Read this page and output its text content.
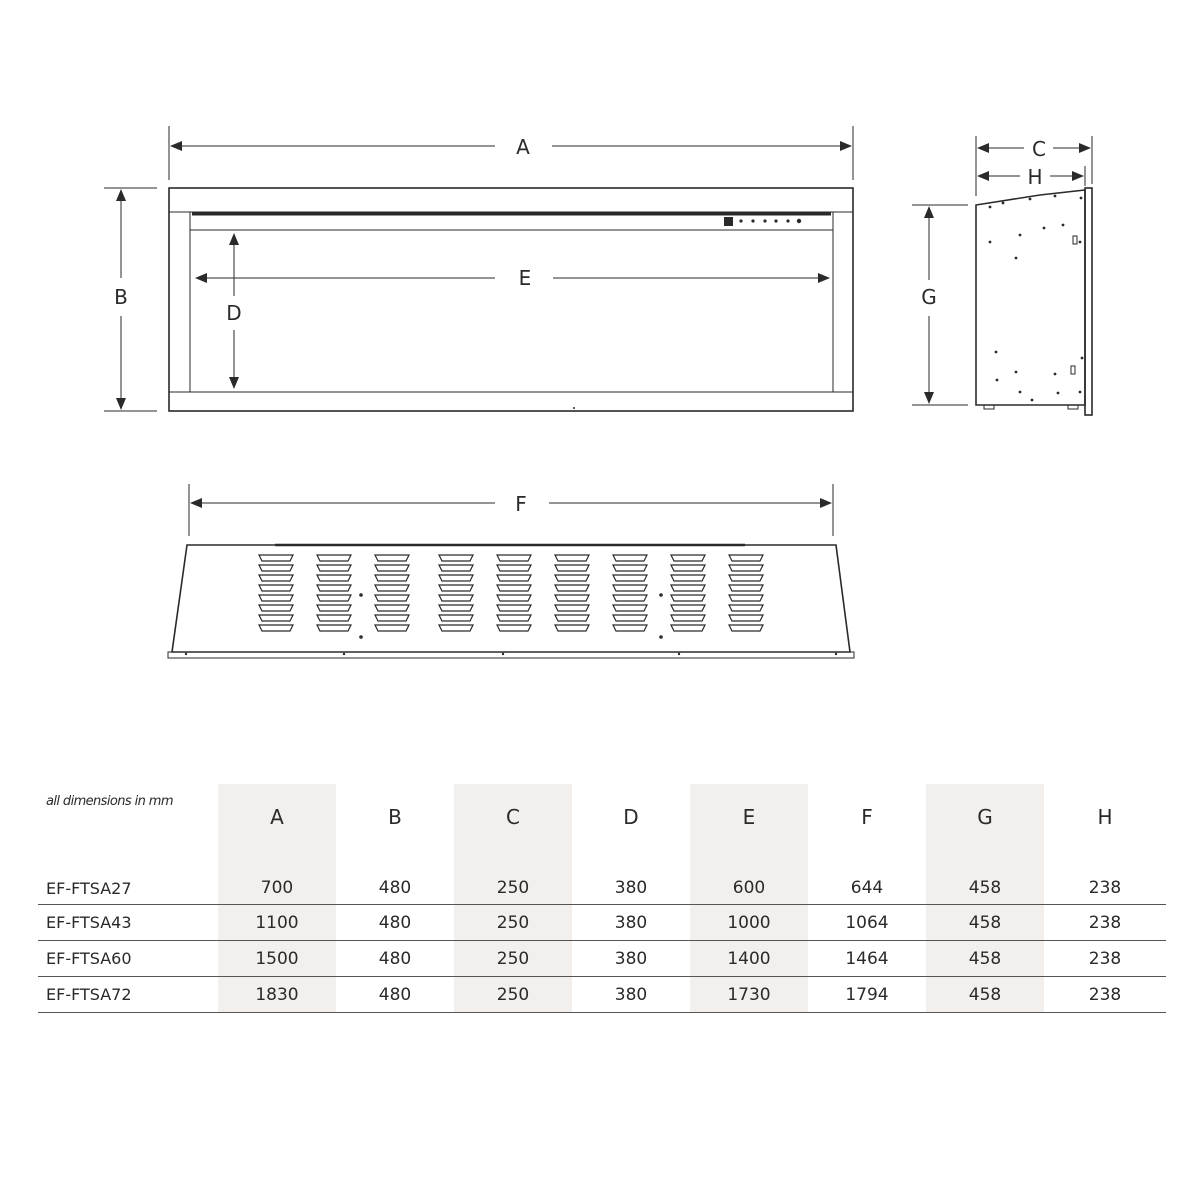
A
B
E
D
C
H
G
F
all dimensions in mm	A	B	C	D	E	F	G	H
EF-FTSA27	700	480	250	380	600	644	458	238
EF-FTSA43	1100	480	250	380	1000	1064	458	238
EF-FTSA60	1500	480	250	380	1400	1464	458	238
EF-FTSA72	1830	480	250	380	1730	1794	458	238
